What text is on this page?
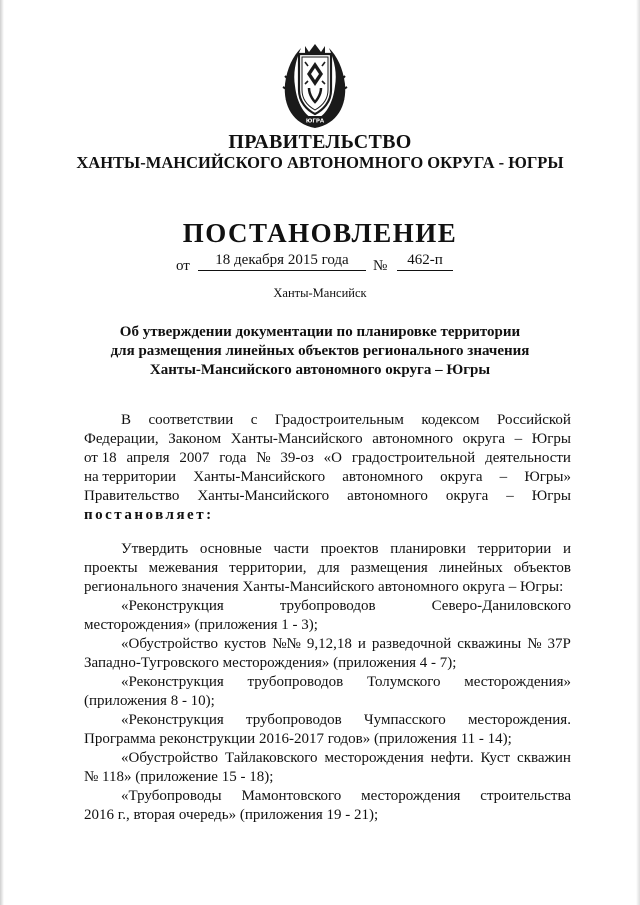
ЮГРА
ПРАВИТЕЛЬСТВО
ХАНТЫ-МАНСИЙСКОГО АВТОНОМНОГО ОКРУГА - ЮГРЫ
ПОСТАНОВЛЕНИЕ
от	18 декабря 2015 года	№	462-п
Ханты-Мансийск
Об утверждении документации по планировке территории
для размещения линейных объектов регионального значения
Ханты-Мансийского автономного округа – Югры
В соответствии с Градостроительным кодексом Российской
Федерации, Законом Ханты-Мансийского автономного округа – Югры
от 18 апреля 2007 года № 39-оз «О градостроительной деятельности
на территории Ханты-Мансийского автономного округа – Югры»
Правительство Ханты-Мансийского автономного округа – Югры
постановляет:
Утвердить основные части проектов планировки территории и
проекты межевания территории, для размещения линейных объектов
регионального значения Ханты-Мансийского автономного округа – Югры:
«Реконструкция	трубопроводов	Северо-Даниловского
месторождения» (приложения 1 - 3);
«Обустройство кустов №№ 9,12,18 и разведочной скважины № 37Р
Западно-Тугровского месторождения» (приложения 4 - 7);
«Реконструкция трубопроводов Толумского месторождения»
(приложения 8 - 10);
«Реконструкция трубопроводов Чумпасского месторождения.
Программа реконструкции 2016-2017 годов» (приложения 11 - 14);
«Обустройство Тайлаковского месторождения нефти. Куст скважин
№ 118» (приложение 15 - 18);
«Трубопроводы Мамонтовского месторождения строительства
2016 г., вторая очередь» (приложения 19 - 21);
